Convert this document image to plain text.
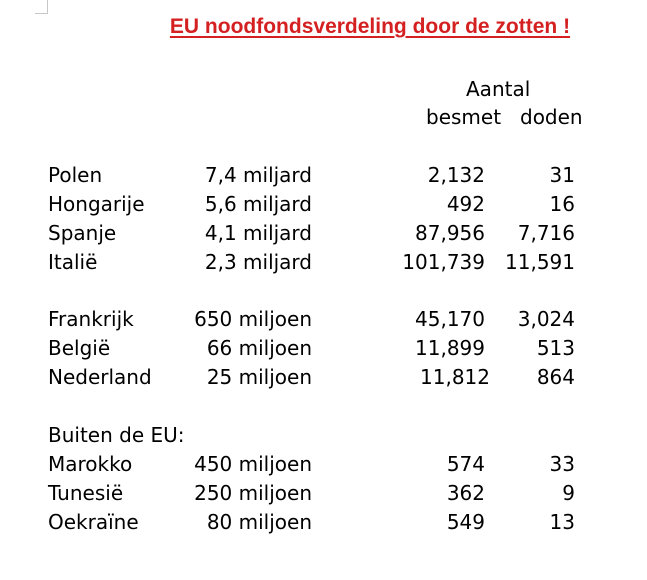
EU noodfondsverdeling door de zotten !
Aantal
besmet doden
Polen	7,4 miljard	2,132	31
Hongarije	5,6 miljard	492	16
Spanje	4,1 miljard	87,956 7,716
Italië	2,3 miljard	101,739 11,591
Frankrijk	650 miljoen	45,170 3,024
België	66 miljoen	11,899	513
Nederland	25 miljoen	11,812 864
Buiten de EU:
Marokko	450 miljoen	574	33
Tunesië	250 miljoen	362	9
Oekraïne	80 miljoen	549	13
